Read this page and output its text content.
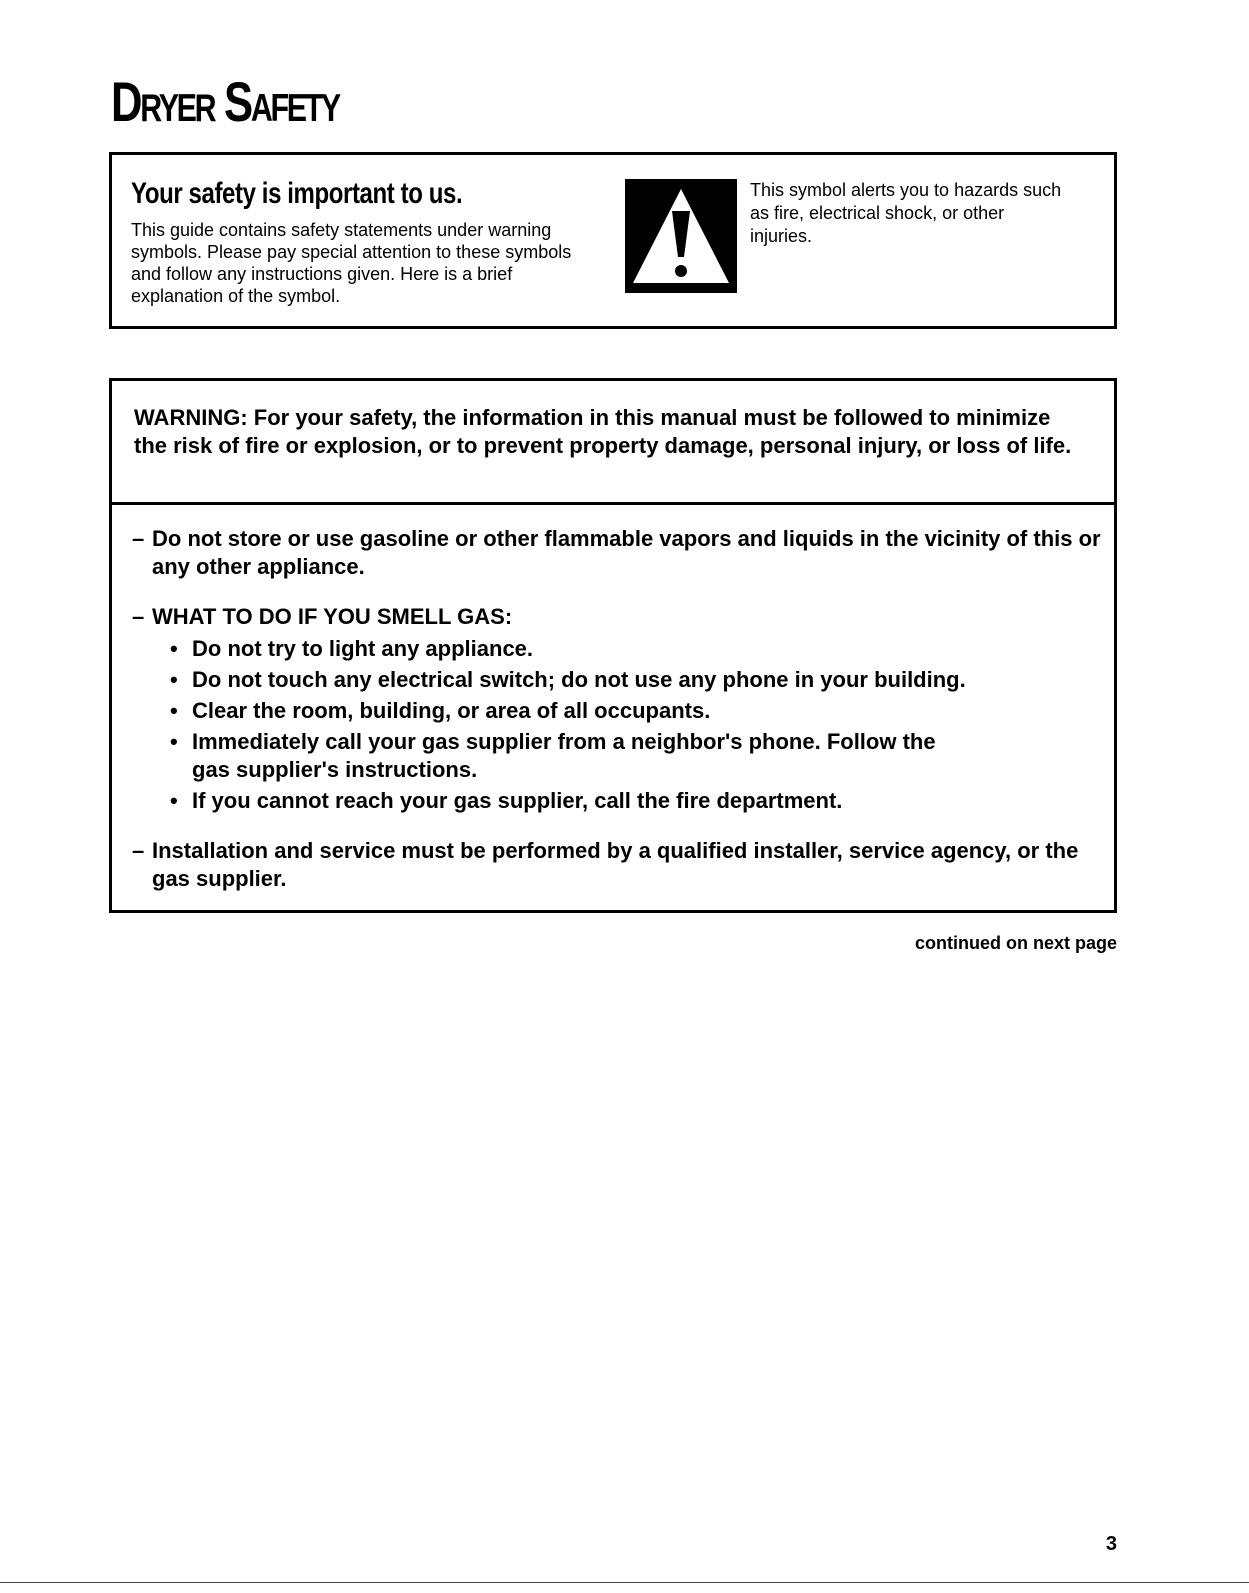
Dryer Safety
Your safety is important to us.

This guide contains safety statements under warning symbols. Please pay special attention to these symbols and follow any instructions given. Here is a brief explanation of the symbol.

This symbol alerts you to hazards such as fire, electrical shock, or other injuries.

WARNING: For your safety, the information in this manual must be followed to minimize the risk of fire or explosion, or to prevent property damage, personal injury, or loss of life.

– Do not store or use gasoline or other flammable vapors and liquids in the vicinity of this or any other appliance.
– WHAT TO DO IF YOU SMELL GAS:
• Do not try to light any appliance.
• Do not touch any electrical switch; do not use any phone in your building.
• Clear the room, building, or area of all occupants.
• Immediately call your gas supplier from a neighbor's phone. Follow the gas supplier's instructions.
• If you cannot reach your gas supplier, call the fire department.
– Installation and service must be performed by a qualified installer, service agency, or the gas supplier.

continued on next page

3
